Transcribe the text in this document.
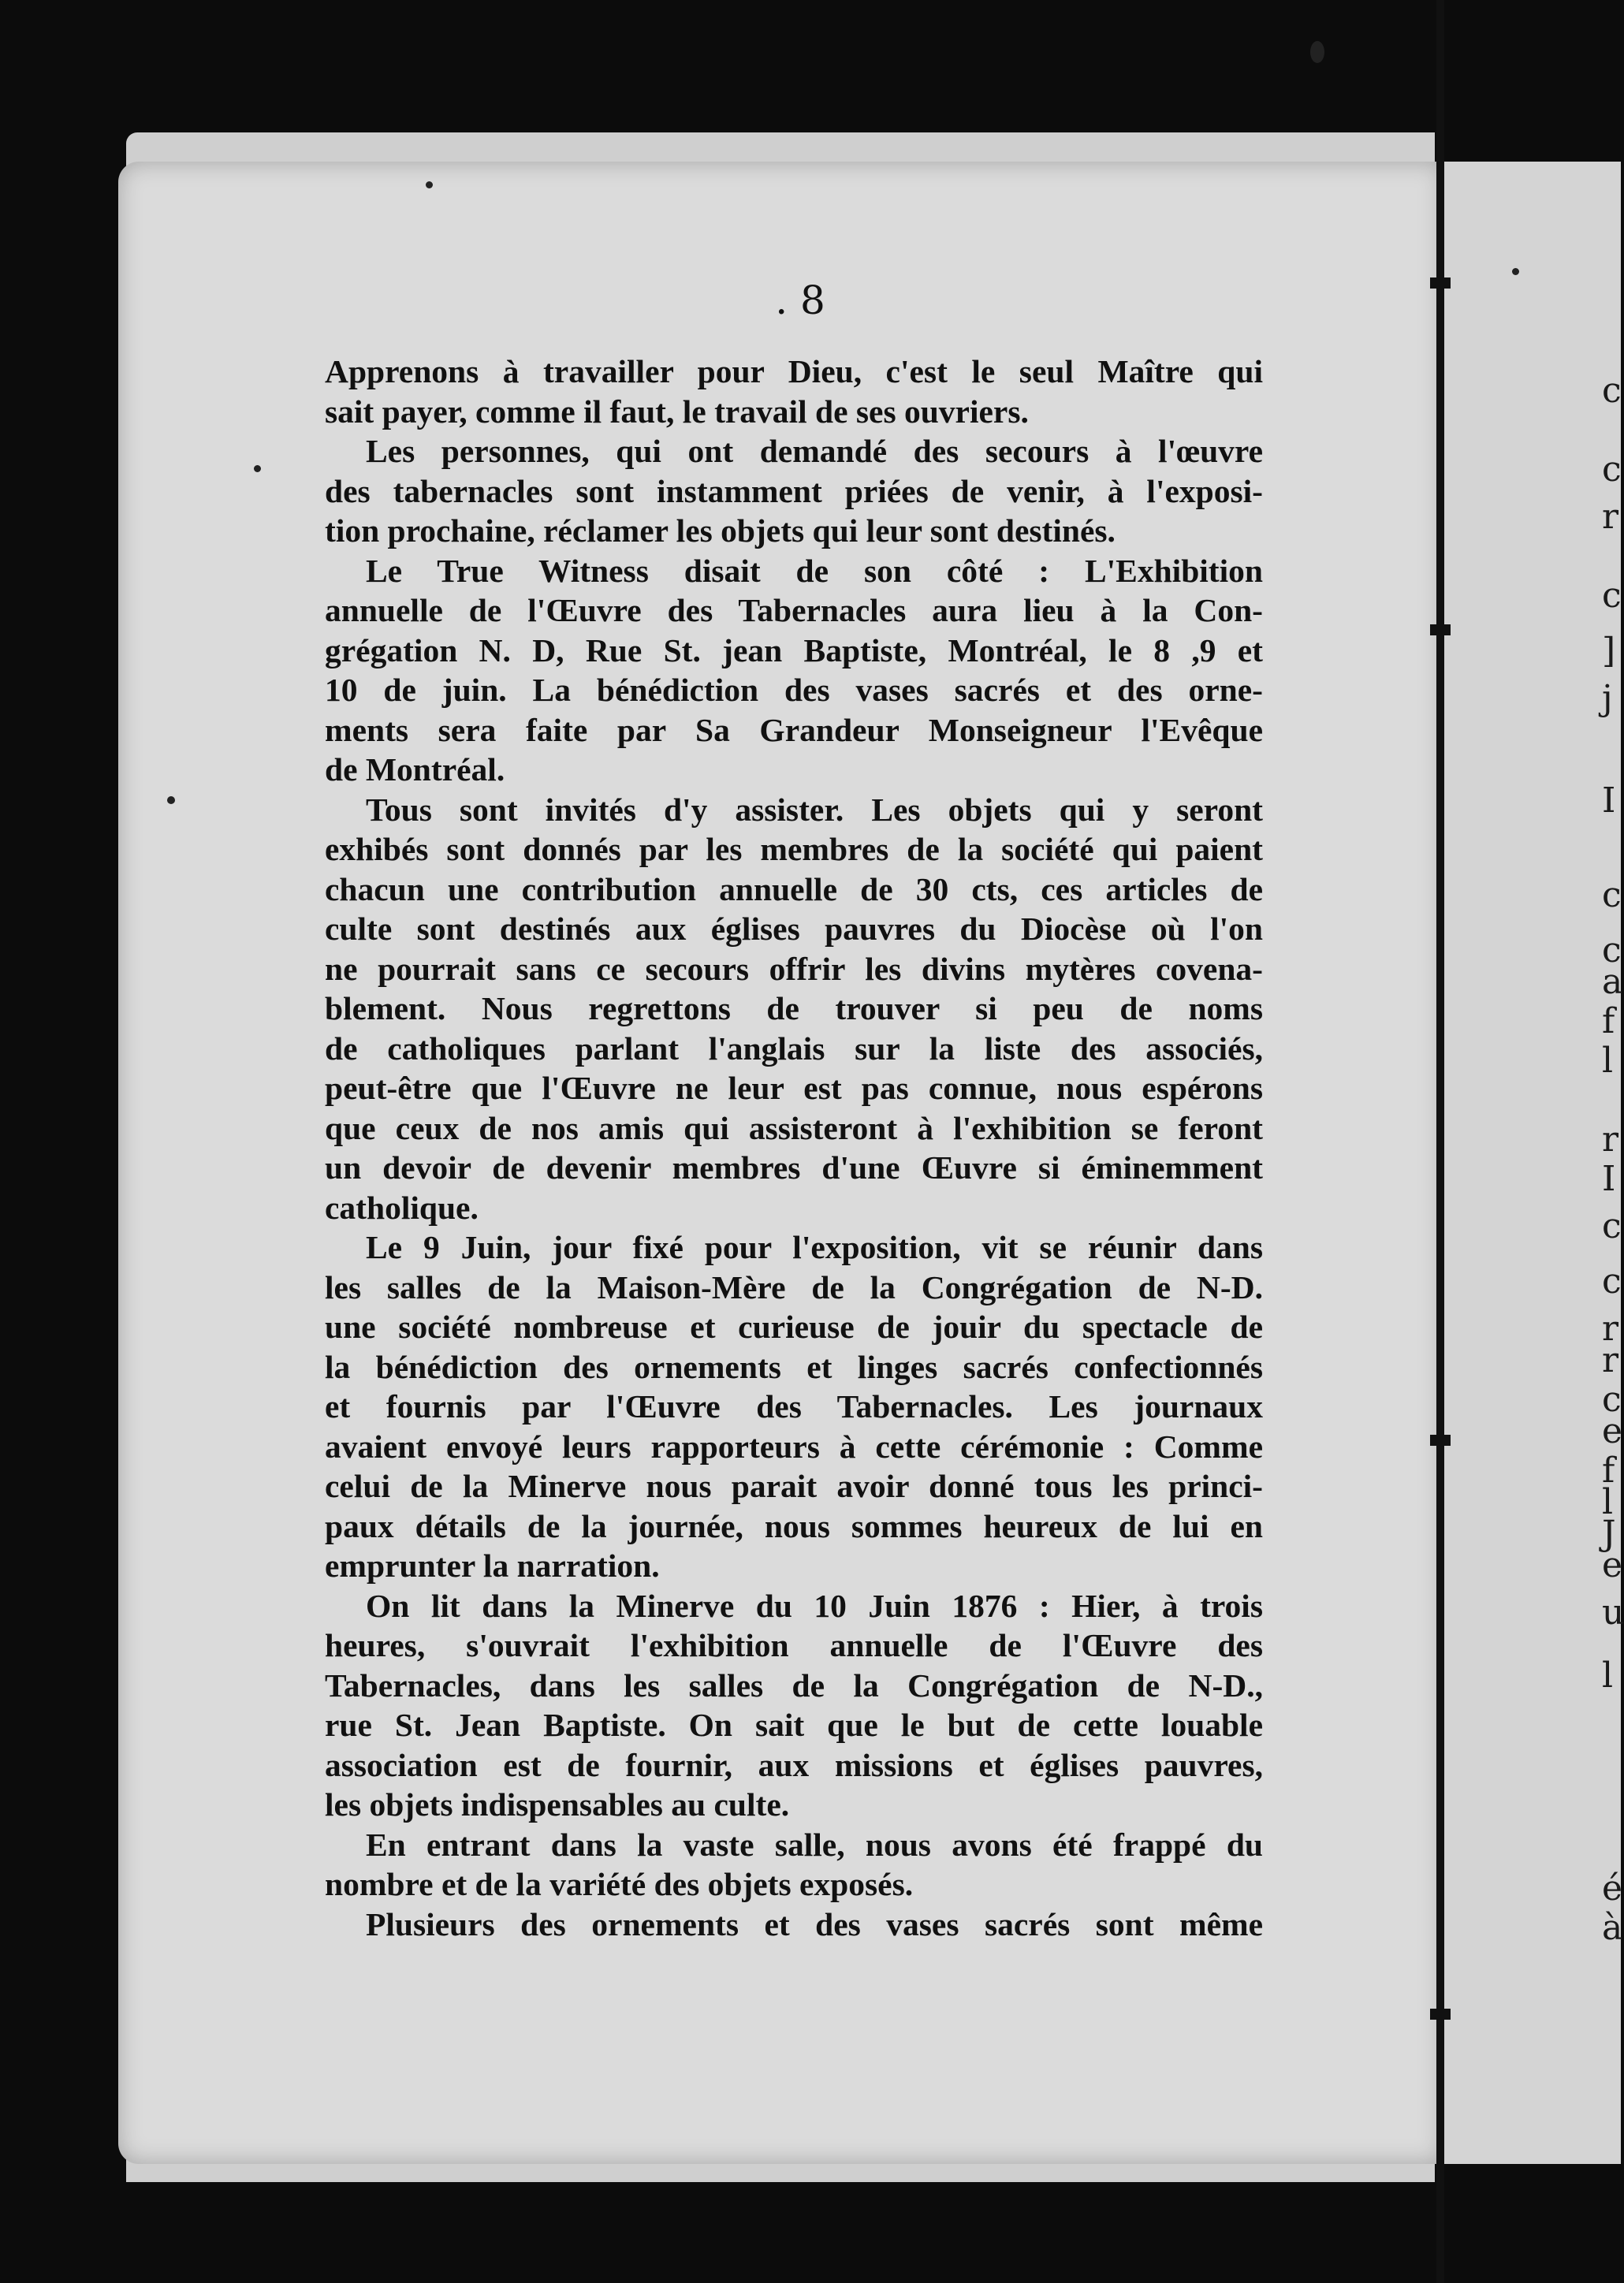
. 8
Apprenons à travailler pour Dieu, c'est le seul Maître qui
sait payer, comme il faut, le travail de ses ouvriers.
Les personnes, qui ont demandé des secours à l'œuvre
des tabernacles sont instamment priées de venir, à l'exposi-
tion prochaine, réclamer les objets qui leur sont destinés.
Le True Witness disait de son côté : L'Exhibition
annuelle de l'Œuvre des Tabernacles aura lieu à la Con-
grégation N. D, Rue St. jean Baptiste, Montréal, le 8 ,9 et
10 de juin. La bénédiction des vases sacrés et des orne-
ments sera faite par Sa Grandeur Monseigneur l'Evêque
de Montréal.
Tous sont invités d'y assister. Les objets qui y seront
exhibés sont donnés par les membres de la société qui paient
chacun une contribution annuelle de 30 cts, ces articles de
culte sont destinés aux églises pauvres du Diocèse où l'on
ne pourrait sans ce secours offrir les divins mytères covena-
blement. Nous regrettons de trouver si peu de noms
de catholiques parlant l'anglais sur la liste des associés,
peut-être que l'Œuvre ne leur est pas connue, nous espérons
que ceux de nos amis qui assisteront à l'exhibition se feront
un devoir de devenir membres d'une Œuvre si éminemment
catholique.
Le 9 Juin, jour fixé pour l'exposition, vit se réunir dans
les salles de la Maison-Mère de la Congrégation de N-D.
une société nombreuse et curieuse de jouir du spectacle de
la bénédiction des ornements et linges sacrés confectionnés
et fournis par l'Œuvre des Tabernacles. Les journaux
avaient envoyé leurs rapporteurs à cette cérémonie : Comme
celui de la Minerve nous parait avoir donné tous les princi-
paux détails de la journée, nous sommes heureux de lui en
emprunter la narration.
On lit dans la Minerve du 10 Juin 1876 : Hier, à trois
heures, s'ouvrait l'exhibition annuelle de l'Œuvre des
Tabernacles, dans les salles de la Congrégation de N-D.,
rue St. Jean Baptiste. On sait que le but de cette louable
association est de fournir, aux missions et églises pauvres,
les objets indispensables au culte.
En entrant dans la vaste salle, nous avons été frappé du
nombre et de la variété des objets exposés.
Plusieurs des ornements et des vases sacrés sont même
c
c
r
c
]
j
I
c
c
a
f
l
r
I
c
c
r
r
c
e
f
l
J
e
u
l
é
à
